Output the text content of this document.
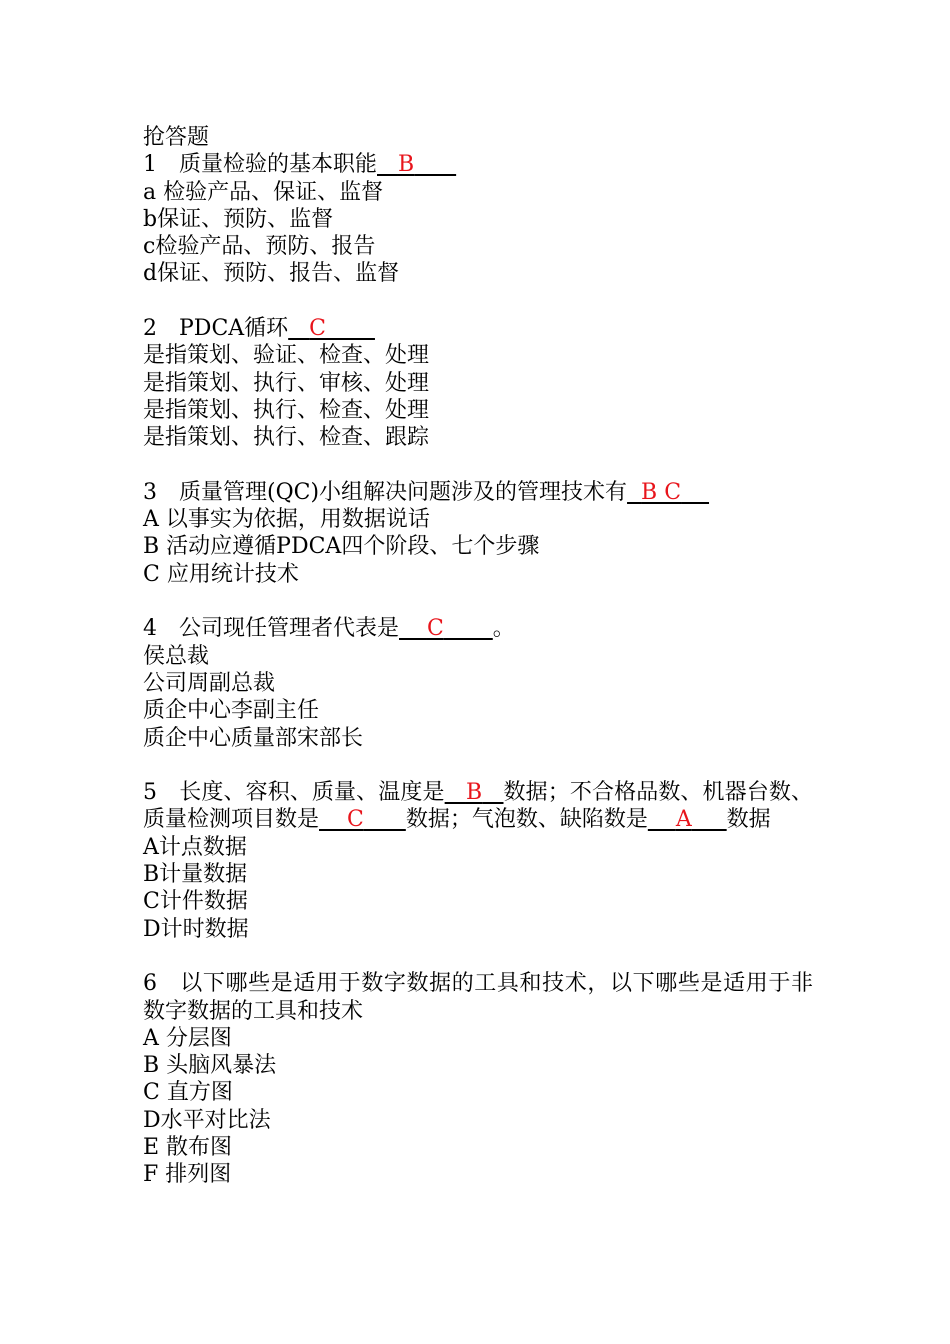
抢答题
1　质量检验的基本职能 B
a 检验产品、保证、监督
b保证、预防、监督
c检验产品、预防、报告
d保证、预防、报告、监督
2　PDCA循环 C
是指策划、验证、检查、处理
是指策划、执行、审核、处理
是指策划、执行、检查、处理
是指策划、执行、检查、跟踪
3　质量管理(QC)小组解决问题涉及的管理技术有 B C
A 以事实为依据，用数据说话
B 活动应遵循PDCA四个阶段、七个步骤
C 应用统计技术
4　公司现任管理者代表是 C 。
侯总裁
公司周副总裁
质企中心李副主任
质企中心质量部宋部长
5　长度、容积、质量、温度是 B 数据；不合格品数、机器台数、质量检测项目数是 C 数据；气泡数、缺陷数是 A 数据
A计点数据
B计量数据
C计件数据
D计时数据
6　以下哪些是适用于数字数据的工具和技术，以下哪些是适用于非数字数据的工具和技术
A 分层图
B 头脑风暴法
C 直方图
D水平对比法
E 散布图
F 排列图
